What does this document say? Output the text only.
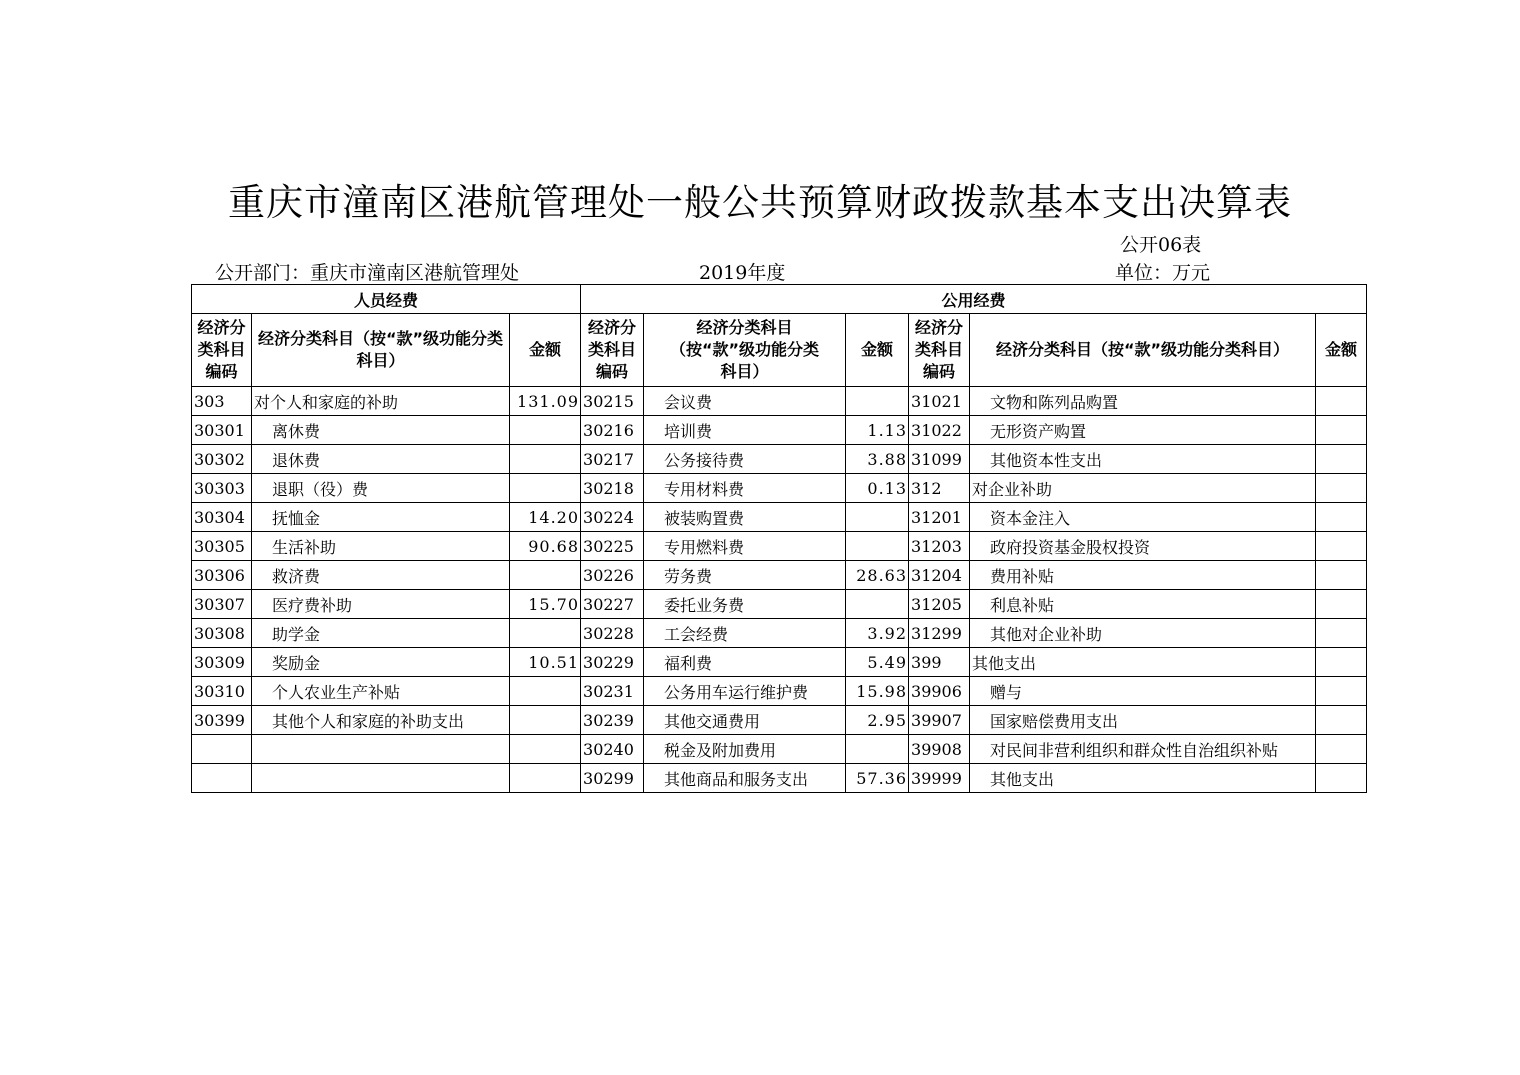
重庆市潼南区港航管理处一般公共预算财政拨款基本支出决算表
公开06表
公开部门：重庆市潼南区港航管理处	2019年度	单位：万元
人员经费			公用经费					
经济分类科目编码	经济分类科目（按“款”级功能分类科目）	金额	经济分类科目编码	经济分类科目（按“款”级功能分类科目）	金额	经济分类科目编码	经济分类科目（按“款”级功能分类科目）	金额
303	对个人和家庭的补助	131.09	30215	会议费		31021	文物和陈列品购置	
30301	离休费		30216	培训费	1.13	31022	无形资产购置	
30302	退休费		30217	公务接待费	3.88	31099	其他资本性支出	
30303	退职（役）费		30218	专用材料费	0.13	312	对企业补助	
30304	抚恤金	14.20	30224	被装购置费		31201	资本金注入	
30305	生活补助	90.68	30225	专用燃料费		31203	政府投资基金股权投资	
30306	救济费		30226	劳务费	28.63	31204	费用补贴	
30307	医疗费补助	15.70	30227	委托业务费		31205	利息补贴	
30308	助学金		30228	工会经费	3.92	31299	其他对企业补助	
30309	奖励金	10.51	30229	福利费	5.49	399	其他支出	
30310	个人农业生产补贴		30231	公务用车运行维护费	15.98	39906	赠与	
30399	其他个人和家庭的补助支出		30239	其他交通费用	2.95	39907	国家赔偿费用支出	
			30240	税金及附加费用		39908	对民间非营利组织和群众性自治组织补贴	
			30299	其他商品和服务支出	57.36	39999	其他支出	
